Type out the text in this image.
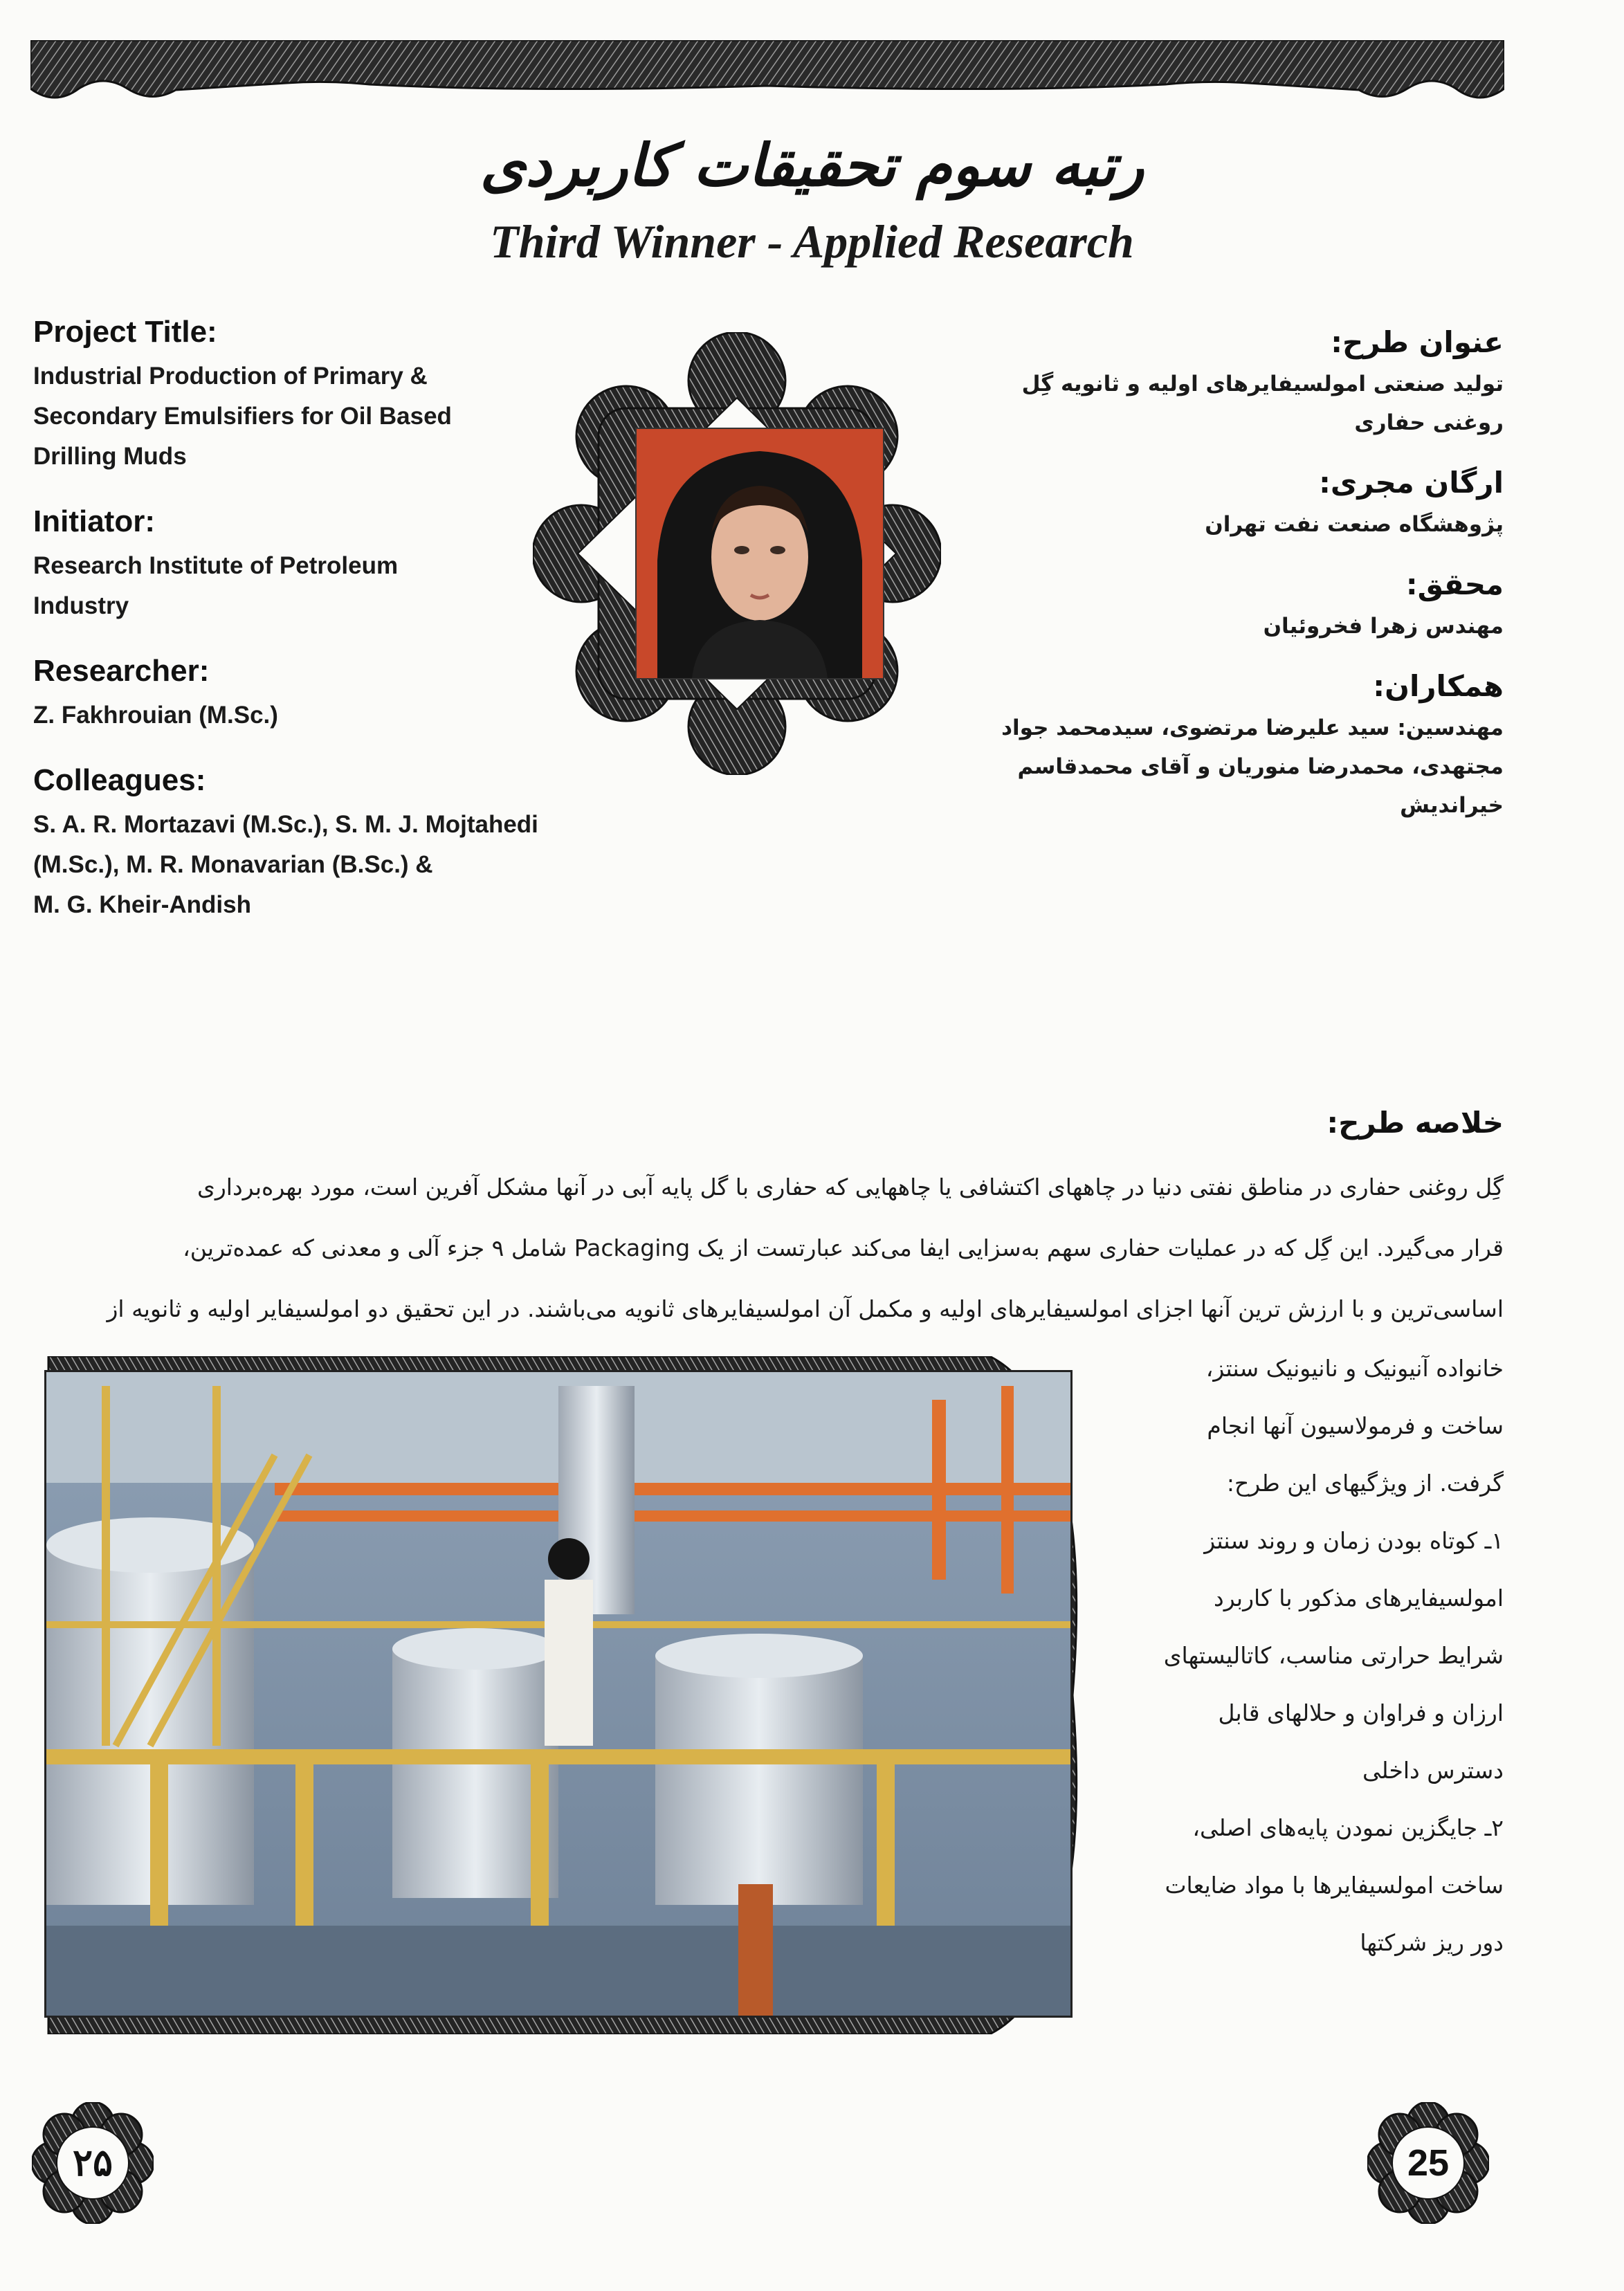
رتبه سوم تحقیقات کاربردی
Third Winner - Applied Research

Project Title:

Industrial Production of Primary &

Secondary Emulsifiers for Oil Based

Drilling Muds

Initiator:

Research Institute of Petroleum

Industry

Researcher:

Z. Fakhrouian (M.Sc.)

Colleagues:

S. A. R. Mortazavi (M.Sc.), S. M. J. Mojtahedi

(M.Sc.), M. R. Monavarian (B.Sc.) &

M. G. Kheir-Andish

عنوان طرح:

تولید صنعتی امولسیفایرهای اولیه و ثانویه گِل

روغنی حفاری

ارگان مجری:

پژوهشگاه صنعت نفت تهران

محقق:

مهندس زهرا فخروئیان

همکاران:

مهندسین: سید علیرضا مرتضوی، سیدمحمد جواد

مجتهدی، محمدرضا منوریان و آقای محمدقاسم خیراندیش

خلاصه طرح:

گِل روغنی حفاری در مناطق نفتی دنیا در چاههای اکتشافی یا چاههایی که حفاری با گل پایه آبی در آنها مشکل آفرین است، مورد بهره‌برداری

قرار می‌گیرد. این گِل که در عملیات حفاری سهم به‌سزایی ایفا می‌کند عبارتست از یک Packaging شامل ۹ جزء آلی و معدنی که عمده‌ترین،

اساسی‌ترین و با ارزش ترین آنها اجزای امولسیفایرهای اولیه و مکمل آن امولسیفایرهای ثانویه می‌باشند. در این تحقیق دو امولسیفایر اولیه و ثانویه از

خانواده آنیونیک و نانیونیک سنتز،

ساخت و فرمولاسیون آنها انجام

گرفت. از ویژگیهای این طرح:

۱ـ کوتاه بودن زمان و روند سنتز

امولسیفایرهای مذکور با کاربرد

شرایط حرارتی مناسب، کاتالیستهای

ارزان و فراوان و حلالهای قابل

دسترس داخلی

۲ـ جایگزین نمودن پایه‌های اصلی،

ساخت امولسیفایرها با مواد ضایعات

دور ریز شرکتها

۲۵	25
